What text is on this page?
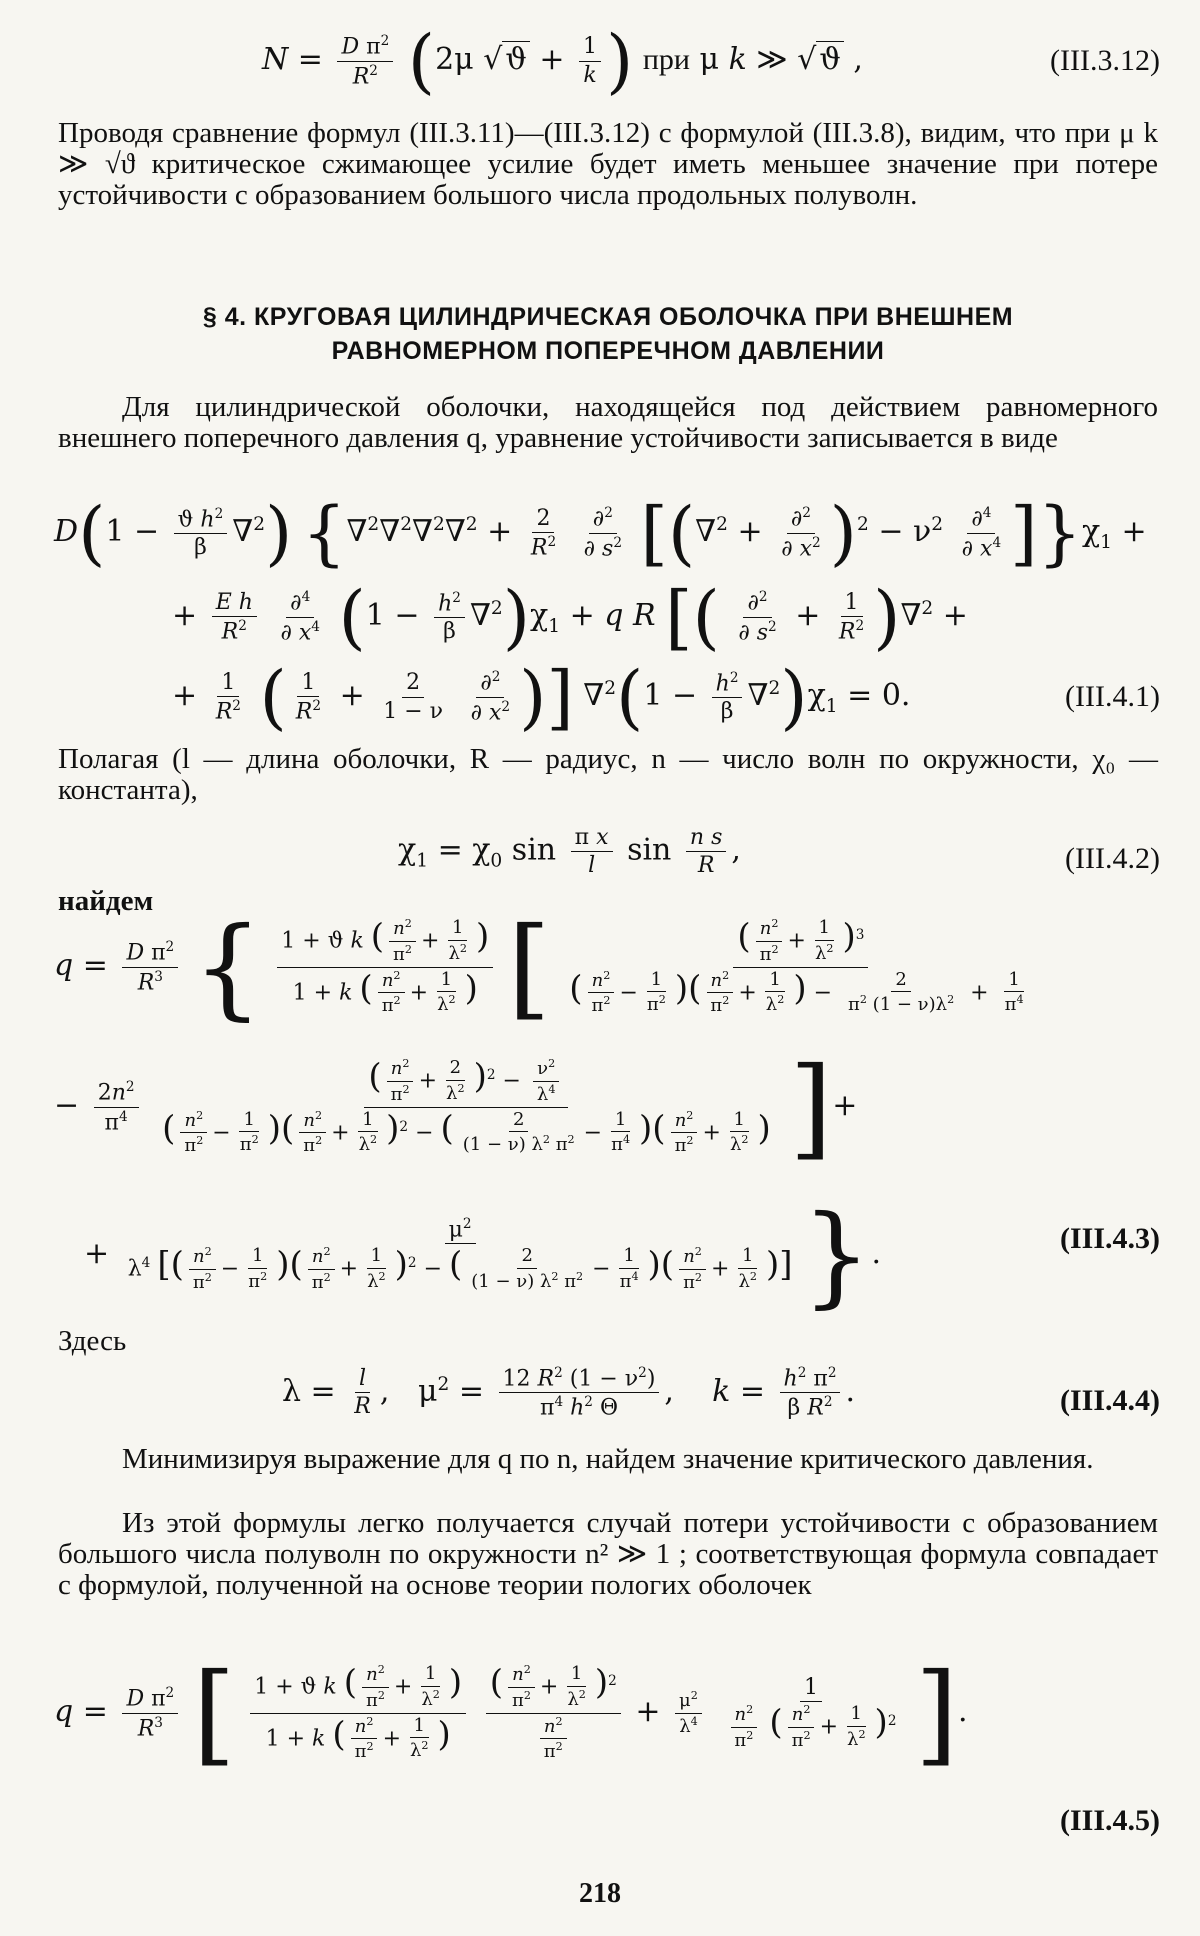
$N = \frac{D \pi^2}{R^2} (2\mu$ √ $ϑ + \frac{1}{k}$ ) при μ k ≫ √ ϑ ,	(III.3.12)
Проводя сравнение формул (III.3.11)—(III.3.12) с формулой (III.3.8), видим, что при μ k ≫ √ϑ критическое сжимающее усилие будет иметь меньшее значение при потере устойчивости с образованием большого числа продольных полуволн.
§ 4. КРУГОВАЯ ЦИЛИНДРИЧЕСКАЯ ОБОЛОЧКА ПРИ ВНЕШНЕМ
РАВНОМЕРНОМ ПОПЕРЕЧНОМ ДАВЛЕНИИ
Для цилиндрической оболочки, находящейся под действием равномерного внешнего поперечного давления q, уравнение устойчивости записывается в виде
$D(1 - \frac{ϑ h^2}{\beta} \nabla^2)$ {$\nabla^2\nabla^2\nabla^2\nabla^2 + \frac{2}{R^2}$
$\frac{\partial^2}{\partial s^2} [(\nabla^2 + \frac{\partial^2}{\partial x^2} )^2 - \nu^2 \frac{\partial^4}{\partial x^4} ]\}\chi_1$ +
+ $\frac{\text{E h}}{R^2}$
$\frac{\partial^4}{\partial x^4} (1 - \frac{h^2}{\beta} \nabla^2)\chi_1 + q$ R [( $\frac{\partial^2}{\partial s^2} + \frac{1}{R^2} )\nabla^2$ +
+ $\frac{1}{R^2}$ ( $\frac{1}{R^2} + \frac{2}{1 - \nu}$
$\frac{\partial^2}{\partial x^2}$ )] $\nabla^2(1 - \frac{h^2}{\beta} \nabla^2)\chi_1 = 0$.	(III.4.1)
Полагая (l — длина оболочки, R — радиус, n — число волн по окружности, χ₀ — константа),
$\chi_1 = \chi_0$ $\sin \frac{\text{π x}}{l}$ $\sin \frac{\text{n s}}{R}$ ,	(III.4.2)
найдем
$q = \frac{D \pi^2}{R^3}$ { $\frac{1 + ϑ k ( \frac{n^2}{\pi^2} + \frac{1}{\lambda^2} )}{1 + k ( \frac{n^2}{\pi^2} + \frac{1}{\lambda^2} )}$ [ $\frac{( \frac{n^2}{\pi^2} + \frac{1}{\lambda^2} )^3}{( \frac{n^2}{\pi^2} - \frac{1}{\pi^2} )( \frac{n^2}{\pi^2} + \frac{1}{\lambda^2} ) - \frac{2}{\pi^2 (1 - \nu)\lambda^2} + \frac{1}{\pi^4}}$
− $\frac{2n^2}{\pi^4}$
$\frac{( \frac{n^2}{\pi^2} + \frac{2}{\lambda^2} )^2 - \frac{\nu^2}{\lambda^4}}{( \frac{n^2}{\pi^2} - \frac{1}{\pi^2} )( \frac{n^2}{\pi^2} + \frac{1}{\lambda^2} )^2 - ( \frac{2}{(1 - \nu) \lambda^2 \pi^2} - \frac{1}{\pi^4} )( \frac{n^2}{\pi^2} + \frac{1}{\lambda^2} )}$ ]+
+ $\frac{\mu^2}{\lambda^4 [( \frac{n^2}{\pi^2} - \frac{1}{\pi^2} )( \frac{n^2}{\pi^2} + \frac{1}{\lambda^2} )^2 - ( \frac{2}{(1 - \nu) \lambda^2 \pi^2} - \frac{1}{\pi^4} )( \frac{n^2}{\pi^2} + \frac{1}{\lambda^2} )]}$ }.	(III.4.3)
Здесь
$\lambda = \frac{l}{R}$ ,   $\mu^2 = \frac{12 R^2 (1 - \nu^2)}{\pi^4 h^2 \Theta}$ ,    $k = \frac{h^2 \pi^2}{\beta R^2}$ .	(III.4.4)
Минимизируя выражение для q по n, найдем значение критического давления.
Из этой формулы легко получается случай потери устойчивости с образованием большого числа полуволн по окружности n² ≫ 1 ; соответствующая формула совпадает с формулой, полученной на основе теории пологих оболочек
$q = \frac{D \pi^2}{R^3}$ [ $\frac{1 + ϑ k ( \frac{n^2}{\pi^2} + \frac{1}{\lambda^2} )}{1 + k ( \frac{n^2}{\pi^2} + \frac{1}{\lambda^2} )}$
$\frac{( \frac{n^2}{\pi^2} + \frac{1}{\lambda^2} )^2}{\frac{n^2}{\pi^2}} + \frac{\mu^2}{\lambda^4}$
$\frac{1}{\frac{n^2}{\pi^2} ( \frac{n^2}{\pi^2} + \frac{1}{\lambda^2} )^2}$ ].
(III.4.5)
218
